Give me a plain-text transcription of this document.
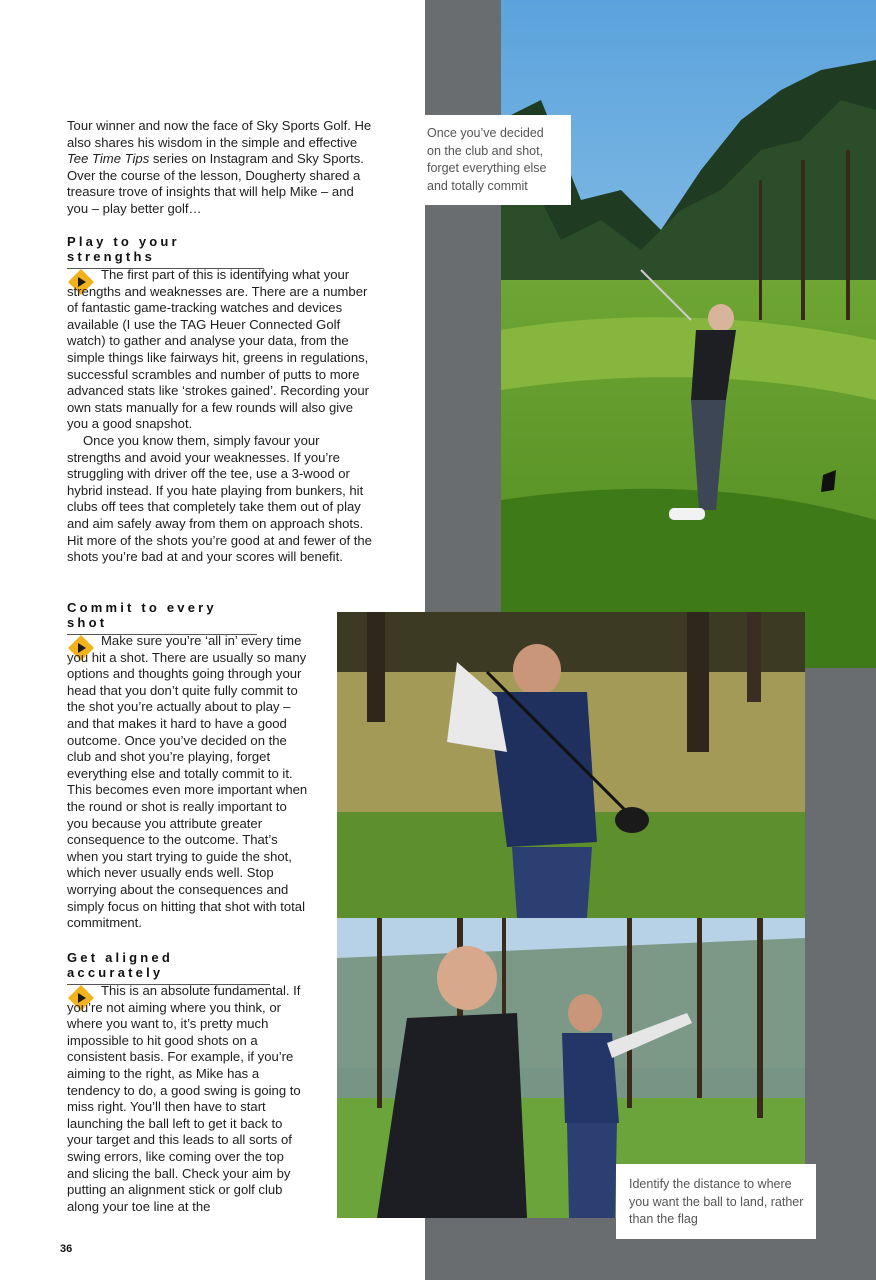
Once you’ve decided on the club and shot, forget everything else and totally commit
Identify the distance to where you want the ball to land, rather than the flag

Tour winner and now the face of Sky Sports Golf. He also shares his wisdom in the simple and effective Tee Time Tips series on Instagram and Sky Sports. Over the course of the lesson, Dougherty shared a treasure trove of insights that will help Mike – and you – play better golf…

Play to your strengths

The first part of this is identifying what your strengths and weaknesses are. There are a number of fantastic game-tracking watches and devices available (I use the TAG Heuer Connected Golf watch) to gather and analyse your data, from the simple things like fairways hit, greens in regulations, successful scrambles and number of putts to more advanced stats like ‘strokes gained’. Recording your own stats manually for a few rounds will also give you a good snapshot.

Once you know them, simply favour your strengths and avoid your weaknesses. If you’re struggling with driver off the tee, use a 3-wood or hybrid instead. If you hate playing from bunkers, hit clubs off tees that completely take them out of play and aim safely away from them on approach shots. Hit more of the shots you’re good at and fewer of the shots you’re bad at and your scores will benefit.

Commit to every shot

Make sure you’re ‘all in’ every time you hit a shot. There are usually so many options and thoughts going through your head that you don’t quite fully commit to the shot you’re actually about to play – and that makes it hard to have a good outcome. Once you’ve decided on the club and shot you’re playing, forget everything else and totally commit to it. This becomes even more important when the round or shot is really important to you because you attribute greater consequence to the outcome. That’s when you start trying to guide the shot, which never usually ends well. Stop worrying about the consequences and simply focus on hitting that shot with total commitment.

Get aligned accurately

This is an absolute fundamental. If you’re not aiming where you think, or where you want to, it’s pretty much impossible to hit good shots on a consistent basis. For example, if you’re aiming to the right, as Mike has a tendency to do, a good swing is going to miss right. You’ll then have to start launching the ball left to get it back to your target and this leads to all sorts of swing errors, like coming over the top and slicing the ball. Check your aim by putting an alignment stick or golf club along your toe line at the

36
